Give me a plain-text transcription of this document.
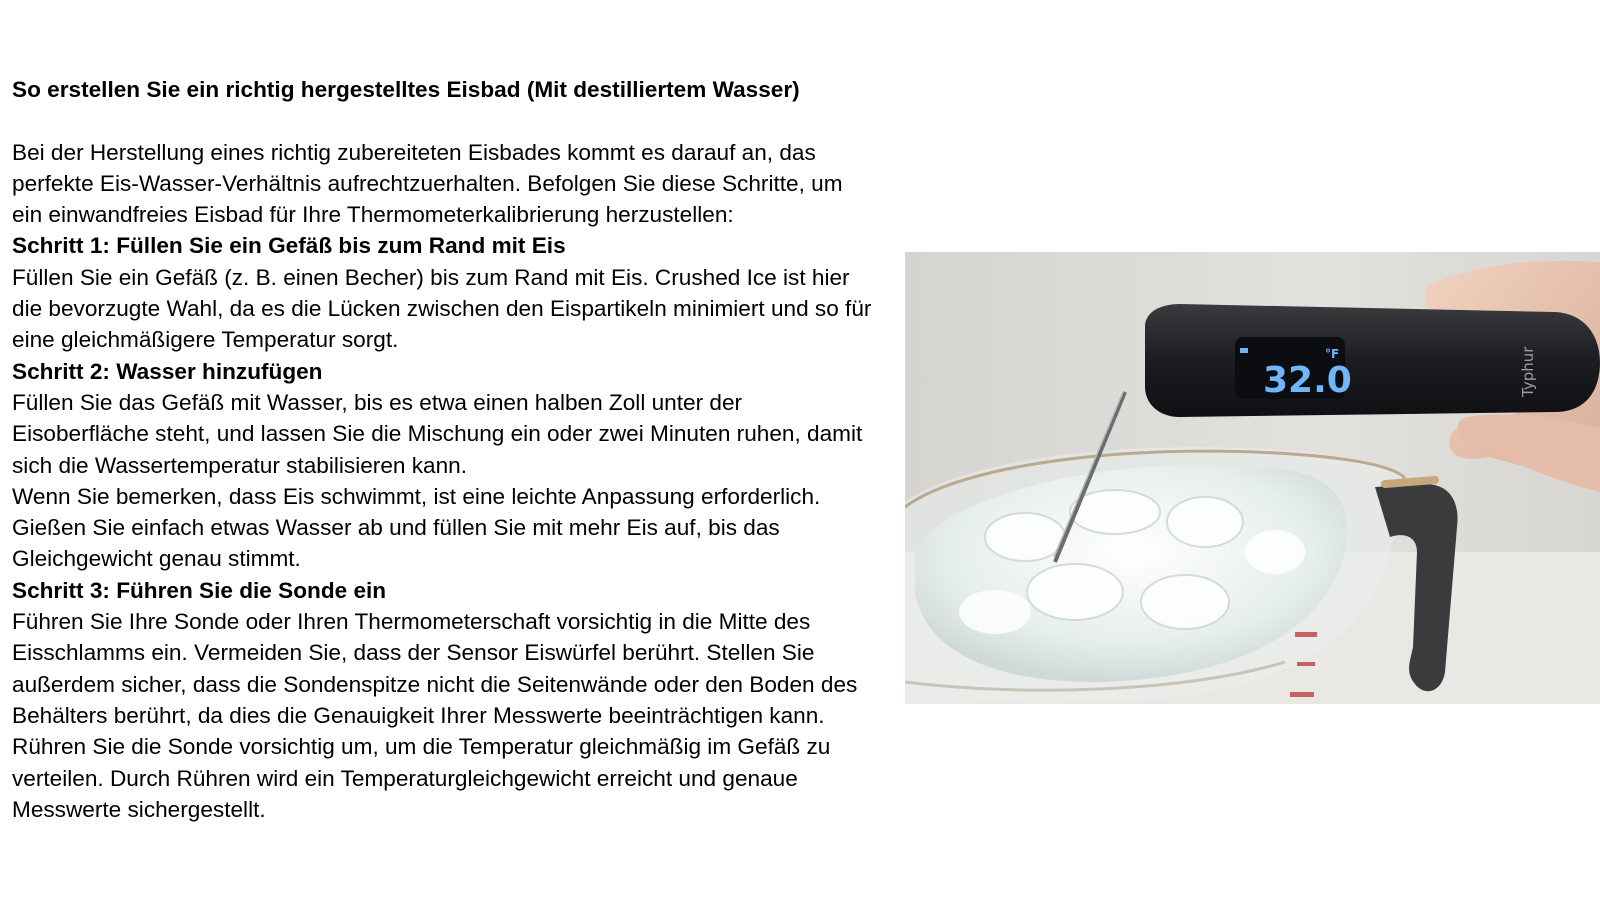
So erstellen Sie ein richtig hergestelltes Eisbad (Mit destilliertem Wasser)

Bei der Herstellung eines richtig zubereiteten Eisbades kommt es darauf an, das perfekte Eis-Wasser-Verhältnis aufrechtzuerhalten. Befolgen Sie diese Schritte, um ein einwandfreies Eisbad für Ihre Thermometerkalibrierung herzustellen:

Schritt 1: Füllen Sie ein Gefäß bis zum Rand mit Eis

Füllen Sie ein Gefäß (z. B. einen Becher) bis zum Rand mit Eis. Crushed Ice ist hier die bevorzugte Wahl, da es die Lücken zwischen den Eispartikeln minimiert und so für eine gleichmäßigere Temperatur sorgt.

Schritt 2: Wasser hinzufügen

Füllen Sie das Gefäß mit Wasser, bis es etwa einen halben Zoll unter der Eisoberfläche steht, und lassen Sie die Mischung ein oder zwei Minuten ruhen, damit sich die Wassertemperatur stabilisieren kann.

Wenn Sie bemerken, dass Eis schwimmt, ist eine leichte Anpassung erforderlich. Gießen Sie einfach etwas Wasser ab und füllen Sie mit mehr Eis auf, bis das Gleichgewicht genau stimmt.

Schritt 3: Führen Sie die Sonde ein

Führen Sie Ihre Sonde oder Ihren Thermometerschaft vorsichtig in die Mitte des Eisschlamms ein. Vermeiden Sie, dass der Sensor Eiswürfel berührt. Stellen Sie außerdem sicher, dass die Sondenspitze nicht die Seitenwände oder den Boden des Behälters berührt, da dies die Genauigkeit Ihrer Messwerte beeinträchtigen kann.

Rühren Sie die Sonde vorsichtig um, um die Temperatur gleichmäßig im Gefäß zu verteilen. Durch Rühren wird ein Temperaturgleichgewicht erreicht und genaue Messwerte sichergestellt.

32.0
°F	Typhur
